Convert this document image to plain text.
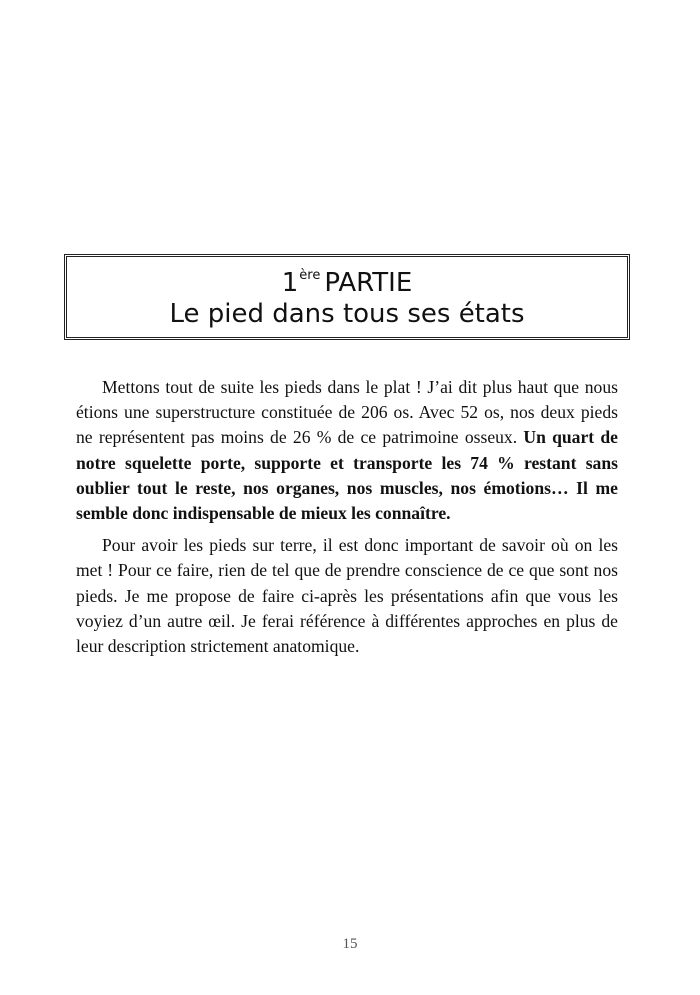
1ère PARTIE
Le pied dans tous ses états

Mettons tout de suite les pieds dans le plat ! J’ai dit plus haut que nous étions une superstructure constituée de 206 os. Avec 52 os, nos deux pieds ne représentent pas moins de 26 % de ce patrimoine osseux. Un quart de notre squelette porte, supporte et transporte les 74 % restant sans oublier tout le reste, nos organes, nos muscles, nos émotions… Il me semble donc indispensable de mieux les connaître.

Pour avoir les pieds sur terre, il est donc important de savoir où on les met ! Pour ce faire, rien de tel que de prendre conscience de ce que sont nos pieds. Je me propose de faire ci-après les présentations afin que vous les voyiez d’un autre œil. Je ferai référence à différentes approches en plus de leur description strictement anatomique.

15
